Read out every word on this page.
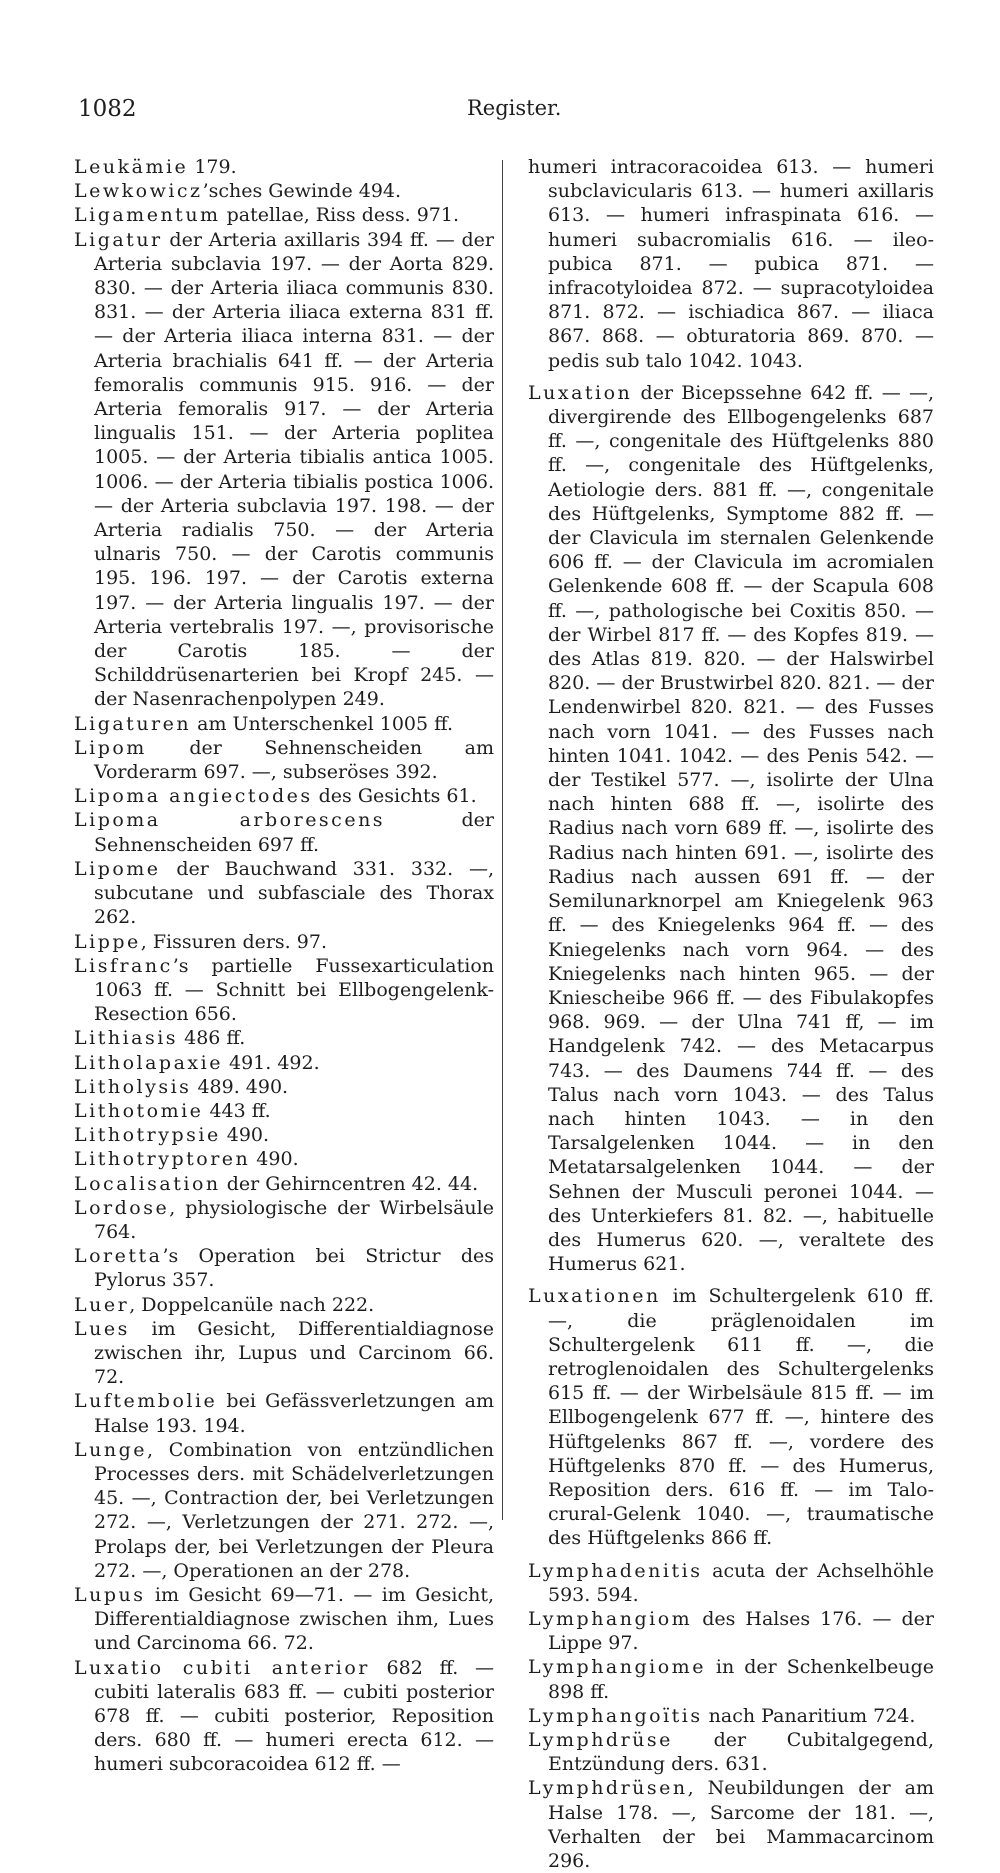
1082	Register.
Leukämie 179.
Lewkowicz’sches Gewinde 494.
Ligamentum patellae, Riss dess. 971.
Ligatur der Arteria axillaris 394 ff. — der Arteria subclavia 197. — der Aorta 829. 830. — der Arteria iliaca communis 830. 831. — der Arteria iliaca externa 831 ff. — der Arteria iliaca interna 831. — der Arteria brachialis 641 ff. — der Arteria femoralis communis 915. 916. — der Arteria femoralis 917. — der Arteria lingualis 151. — der Arteria poplitea 1005. — der Arteria tibialis antica 1005. 1006. — der Arteria tibialis postica 1006. — der Arteria subclavia 197. 198. — der Arteria radialis 750. — der Arteria ulnaris 750. — der Carotis communis 195. 196. 197. — der Carotis externa 197. — der Arteria lingualis 197. — der Arteria vertebralis 197. —, provisorische der Carotis 185. — der Schilddrüsenarterien bei Kropf 245. — der Nasenrachenpolypen 249.
Ligaturen am Unterschenkel 1005 ff.
Lipom der Sehnenscheiden am Vorderarm 697. —, subseröses 392.
Lipoma angiectodes des Gesichts 61.
Lipoma arborescens der Sehnenscheiden 697 ff.
Lipome der Bauchwand 331. 332. —, subcutane und subfasciale des Thorax 262.
Lippe, Fissuren ders. 97.
Lisfranc’s partielle Fussexarticulation 1063 ff. — Schnitt bei Ellbogengelenk-Resection 656.
Lithiasis 486 ff.
Litholapaxie 491. 492.
Litholysis 489. 490.
Lithotomie 443 ff.
Lithotrypsie 490.
Lithotryptoren 490.
Localisation der Gehirncentren 42. 44.
Lordose, physiologische der Wirbelsäule 764.
Loretta’s Operation bei Strictur des Pylorus 357.
Luer, Doppelcanüle nach 222.
Lues im Gesicht, Differentialdiagnose zwischen ihr, Lupus und Carcinom 66. 72.
Luftembolie bei Gefässverletzungen am Halse 193. 194.
Lunge, Combination von entzündlichen Processes ders. mit Schädelverletzungen 45. —, Contraction der, bei Verletzungen 272. —, Verletzungen der 271. 272. —, Prolaps der, bei Verletzungen der Pleura 272. —, Operationen an der 278.
Lupus im Gesicht 69—71. — im Gesicht, Differentialdiagnose zwischen ihm, Lues und Carcinoma 66. 72.
Luxatio cubiti anterior 682 ff. — cubiti lateralis 683 ff. — cubiti posterior 678 ff. — cubiti posterior, Reposition ders. 680 ff. — humeri erecta 612. — humeri subcoracoidea 612 ff. —
humeri intracoracoidea 613. — humeri subclavicularis 613. — humeri axillaris 613. — humeri infraspinata 616. — humeri subacromialis 616. — ileo-pubica 871. — pubica 871. — infracotyloidea 872. — supracotyloidea 871. 872. — ischiadica 867. — iliaca 867. 868. — obturatoria 869. 870. — pedis sub talo 1042. 1043.
Luxation der Bicepssehne 642 ff. — —, divergirende des Ellbogengelenks 687 ff. —, congenitale des Hüftgelenks 880 ff. —, congenitale des Hüftgelenks, Aetiologie ders. 881 ff. —, congenitale des Hüftgelenks, Symptome 882 ff. — der Clavicula im sternalen Gelenkende 606 ff. — der Clavicula im acromialen Gelenkende 608 ff. — der Scapula 608 ff. —, pathologische bei Coxitis 850. — der Wirbel 817 ff. — des Kopfes 819. — des Atlas 819. 820. — der Halswirbel 820. — der Brustwirbel 820. 821. — der Lendenwirbel 820. 821. — des Fusses nach vorn 1041. — des Fusses nach hinten 1041. 1042. — des Penis 542. — der Testikel 577. —, isolirte der Ulna nach hinten 688 ff. —, isolirte des Radius nach vorn 689 ff. —, isolirte des Radius nach hinten 691. —, isolirte des Radius nach aussen 691 ff. — der Semilunarknorpel am Kniegelenk 963 ff. — des Kniegelenks 964 ff. — des Kniegelenks nach vorn 964. — des Kniegelenks nach hinten 965. — der Kniescheibe 966 ff. — des Fibulakopfes 968. 969. — der Ulna 741 ff, — im Handgelenk 742. — des Metacarpus 743. — des Daumens 744 ff. — des Talus nach vorn 1043. — des Talus nach hinten 1043. — in den Tarsalgelenken 1044. — in den Metatarsalgelenken 1044. — der Sehnen der Musculi peronei 1044. — des Unterkiefers 81. 82. —, habituelle des Humerus 620. —, veraltete des Humerus 621.
Luxationen im Schultergelenk 610 ff. —, die präglenoidalen im Schultergelenk 611 ff. —, die retroglenoidalen des Schultergelenks 615 ff. — der Wirbelsäule 815 ff. — im Ellbogengelenk 677 ff. —, hintere des Hüftgelenks 867 ff. —, vordere des Hüftgelenks 870 ff. — des Humerus, Reposition ders. 616 ff. — im Talo-crural-Gelenk 1040. —, traumatische des Hüftgelenks 866 ff.
Lymphadenitis acuta der Achselhöhle 593. 594.
Lymphangiom des Halses 176. — der Lippe 97.
Lymphangiome in der Schenkelbeuge 898 ff.
Lymphangoïtis nach Panaritium 724.
Lymphdrüse der Cubitalgegend, Entzündung ders. 631.
Lymphdrüsen, Neubildungen der am Halse 178. —, Sarcome der 181. —, Verhalten der bei Mammacarcinom 296.
